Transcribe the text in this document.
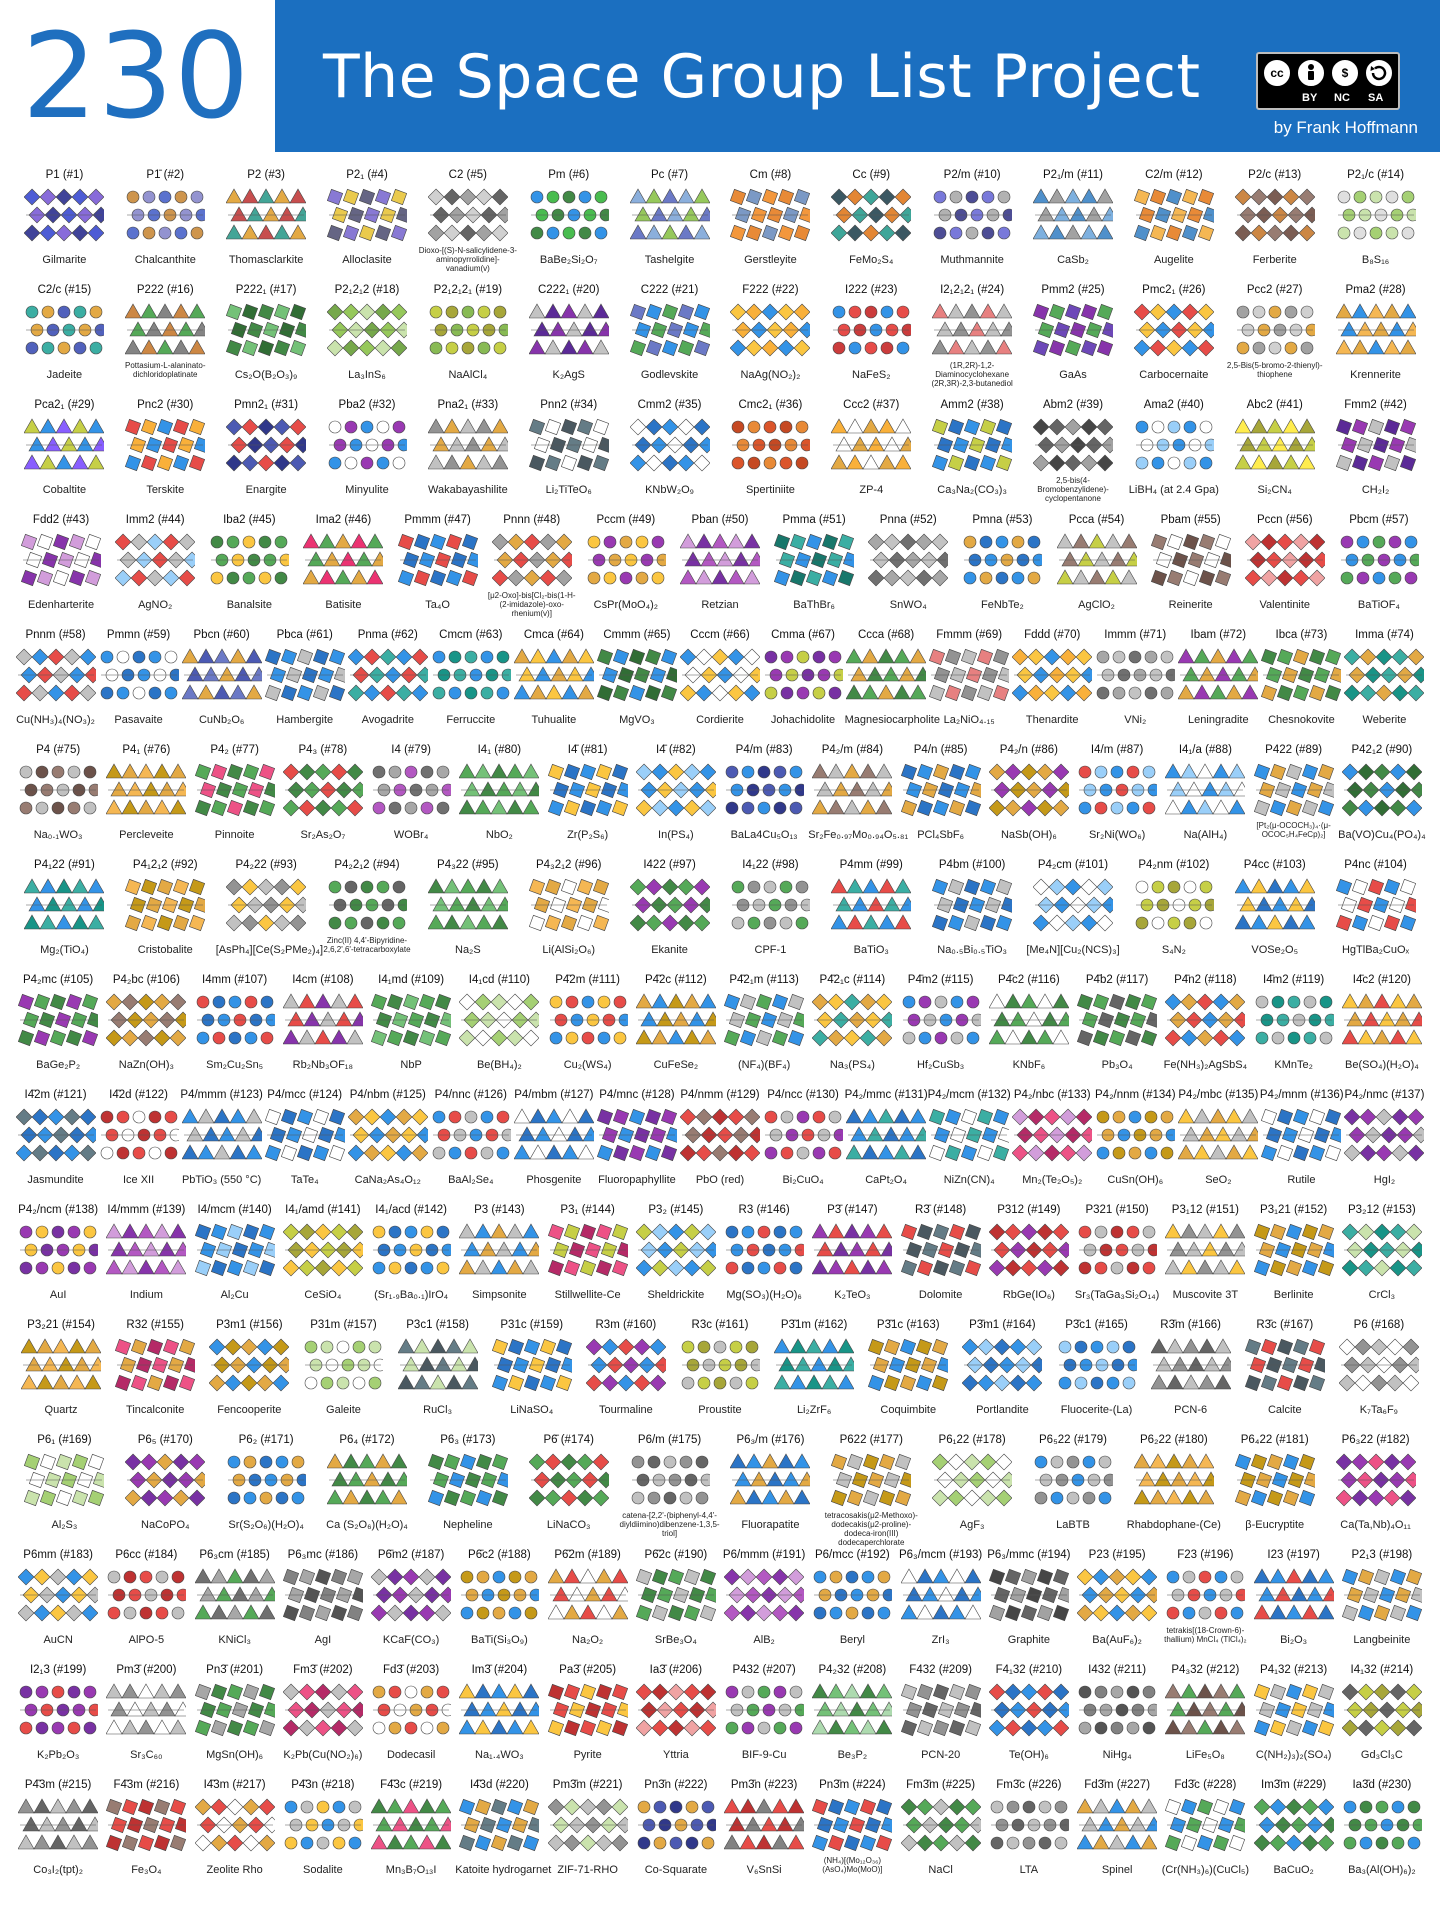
230 The Space Group List Project	cc	$
BY NC SA
by Frank Hoffmann
P1 (#1)
Gilmarite
P1̄ (#2)
Chalcanthite
P2 (#3)
Thomasclarkite
P2₁ (#4)
Alloclasite
C2 (#5)
Dioxo-[(S)-N-salicylidene-3-aminopyrrolidine]-vanadium(v)
Pm (#6)
BaBe₂Si₂O₇
Pc (#7)
Tashelgite
Cm (#8)
Gerstleyite
Cc (#9)
FeMo₂S₄
P2/m (#10)
Muthmannite
P2₁/m (#11)
CaSb₂
C2/m (#12)
Augelite
P2/c (#13)
Ferberite
P2₁/c (#14)
B₈S₁₆
C2/c (#15)
Jadeite
P222 (#16)
Pottasium-L-alaninato-dichloridoplatinate
P222₁ (#17)
Cs₂O(B₂O₃)₉
P2₁2₁2 (#18)
La₃InS₆
P2₁2₁2₁ (#19)
NaAlCl₄
C222₁ (#20)
K₂AgS
C222 (#21)
Godlevskite
F222 (#22)
NaAg(NO₂)₂
I222 (#23)
NaFeS₂
I2₁2₁2₁ (#24)
(1R,2R)-1,2-Diaminocyclohexane (2R,3R)-2,3-butanediol
Pmm2 (#25)
GaAs
Pmc2₁ (#26)
Carbocernaite
Pcc2 (#27)
2,5-Bis(5-bromo-2-thienyl)-thiophene
Pma2 (#28)
Krennerite
Pca2₁ (#29)
Cobaltite
Pnc2 (#30)
Terskite
Pmn2₁ (#31)
Enargite
Pba2 (#32)
Minyulite
Pna2₁ (#33)
Wakabayashilite
Pnn2 (#34)
Li₂TiTeO₆
Cmm2 (#35)
KNbW₂O₉
Cmc2₁ (#36)
Spertiniite
Ccc2 (#37)
ZP-4
Amm2 (#38)
Ca₃Na₂(CO₃)₃
Abm2 (#39)
2,5-bis(4-Bromobenzylidene)-cyclopentanone
Ama2 (#40)
LiBH₄ (at 2.4 Gpa)
Abc2 (#41)
Si₂CN₄
Fmm2 (#42)
CH₂I₂
Fdd2 (#43)
Edenharterite
Imm2 (#44)
AgNO₂
Iba2 (#45)
Banalsite
Ima2 (#46)
Batisite
Pmmm (#47)
Ta₄O
Pnnn (#48)
[μ2-Oxo]-bis[Cl₂-bis(1-H-(2-imidazole)-oxo-rhenium(v)]
Pccm (#49)
CsPr(MoO₄)₂
Pban (#50)
Retzian
Pmma (#51)
BaThBr₆
Pnna (#52)
SnWO₄
Pmna (#53)
FeNbTe₂
Pcca (#54)
AgClO₂
Pbam (#55)
Reinerite
Pccn (#56)
Valentinite
Pbcm (#57)
BaTiOF₄
Pnnm (#58)
Cu(NH₃)₄(NO₃)₂
Pmmn (#59)
Pasavaite
Pbcn (#60)
CuNb₂O₆
Pbca (#61)
Hambergite
Pnma (#62)
Avogadrite
Cmcm (#63)
Ferruccite
Cmca (#64)
Tuhualite
Cmmm (#65)
MgVO₃
Cccm (#66)
Cordierite
Cmma (#67)
Johachidolite
Ccca (#68)
Magnesiocarpholite
Fmmm (#69)
La₂NiO₄.₁₅
Fddd (#70)
Thenardite
Immm (#71)
VNi₂
Ibam (#72)
Leningradite
Ibca (#73)
Chesnokovite
Imma (#74)
Weberite
P4 (#75)
Na₀.₁WO₃
P4₁ (#76)
Percleveite
P4₂ (#77)
Pinnoite
P4₃ (#78)
Sr₂As₂O₇
I4 (#79)
WOBr₄
I4₁ (#80)
NbO₂
I4̄ (#81)
Zr(P₂S₆)
I4̄ (#82)
In(PS₄)
P4/m (#83)
BaLa4Cu₅O₁₃
P4₂/m (#84)
Sr₂Fe₀.₉₇Mo₀.₉₄O₅.₈₁
P4/n (#85)
PCl₄SbF₆
P4₂/n (#86)
NaSb(OH)₆
I4/m (#87)
Sr₂Ni(WO₆)
I4₁/a (#88)
Na(AlH₄)
P422 (#89)
[Pt₂(μ-OCOCH₃)₄·(μ-OCOC₅H₄FeCp)₂]
P42₁2 (#90)
Ba(VO)Cu₄(PO₄)₄
P4₁22 (#91)
Mg₂(TiO₄)
P4₁2₁2 (#92)
Cristobalite
P4₂22 (#93)
[AsPh₄][Ce(S₂PMe₂)₄]
P4₂2₁2 (#94)
Zinc(II) 4,4'-Bipyridine-2,6,2',6'-tetracarboxylate
P4₃22 (#95)
Na₂S
P4₃2₁2 (#96)
Li(AlSi₂O₆)
I422 (#97)
Ekanite
I4₁22 (#98)
CPF-1
P4mm (#99)
BaTiO₃
P4bm (#100)
Na₀.₅Bi₀.₅TiO₃
P4₂cm (#101)
[Me₄N][Cu₂(NCS)₃]
P4₂nm (#102)
S₄N₂
P4cc (#103)
VOSe₂O₅
P4nc (#104)
HgTlBa₂CuOₓ
P4₂mc (#105)
BaGe₂P₂
P4₂bc (#106)
NaZn(OH)₃
I4mm (#107)
Sm₂Cu₂Sn₅
I4cm (#108)
Rb₂Nb₃OF₁₈
I4₁md (#109)
NbP
I4₁cd (#110)
Be(BH₄)₂
P4̄2m (#111)
Cu₂(WS₄)
P4̄2c (#112)
CuFeSe₂
P4̄2₁m (#113)
(NF₄)(BF₄)
P4̄2₁c (#114)
Na₃(PS₄)
P4̄m2 (#115)
Hf₂CuSb₃
P4̄c2 (#116)
KNbF₆
P4̄b2 (#117)
Pb₃O₄
P4̄n2 (#118)
Fe(NH₃)₂AgSbS₄
I4̄m2 (#119)
KMnTe₂
I4̄c2 (#120)
Be(SO₄)(H₂O)₄
I4̄2m (#121)
Jasmundite
I4̄2d (#122)
Ice XII
P4/mmm (#123)
PbTiO₃ (550 °C)
P4/mcc (#124)
TaTe₄
P4/nbm (#125)
CaNa₂As₄O₁₂
P4/nnc (#126)
BaAl₂Se₄
P4/mbm (#127)
Phosgenite
P4/mnc (#128)
Fluoropaphyllite
P4/nmm (#129)
PbO (red)
P4/ncc (#130)
Bi₂CuO₄
P4₂/mmc (#131)
CaPt₂O₄
P4₂/mcm (#132)
NiZn(CN)₄
P4₂/nbc (#133)
Mn₂(Te₂O₅)₂
P4₂/nnm (#134)
CuSn(OH)₆
P4₂/mbc (#135)
SeO₂
P4₂/mnm (#136)
Rutile
P4₂/nmc (#137)
HgI₂
P4₂/ncm (#138)
AuI
I4/mmm (#139)
Indium
I4/mcm (#140)
Al₂Cu
I4₁/amd (#141)
CeSiO₄
I4₁/acd (#142)
(Sr₁.₉Ba₀.₁)IrO₄
P3 (#143)
Simpsonite
P3₁ (#144)
Stillwellite-Ce
P3₂ (#145)
Sheldrickite
R3 (#146)
Mg(SO₃)(H₂O)₆
P3̄ (#147)
K₂TeO₃
R3̄ (#148)
Dolomite
P312 (#149)
RbGe(IO₆)
P321 (#150)
Sr₃(TaGa₃Si₂O₁₄)
P3₁12 (#151)
Muscovite 3T
P3₁21 (#152)
Berlinite
P3₂12 (#153)
CrCl₃
P3₂21 (#154)
Quartz
R32 (#155)
Tincalconite
P3m1 (#156)
Fencooperite
P31m (#157)
Galeite
P3c1 (#158)
RuCl₃
P31c (#159)
LiNaSO₄
R3m (#160)
Tourmaline
R3c (#161)
Proustite
P3̄1m (#162)
Li₂ZrF₆
P3̄1c (#163)
Coquimbite
P3̄m1 (#164)
Portlandite
P3̄c1 (#165)
Fluocerite-(La)
R3̄m (#166)
PCN-6
R3̄c (#167)
Calcite
P6 (#168)
K₇Ta₆F₉
P6₁ (#169)
Al₂S₃
P6₅ (#170)
NaCoPO₄
P6₂ (#171)
Sr(S₂O₆)(H₂O)₄
P6₄ (#172)
Ca (S₂O₆)(H₂O)₄
P6₃ (#173)
Nepheline
P6̄ (#174)
LiNaCO₃
P6/m (#175)
catena-[2,2'-(biphenyl-4,4'-diyldiimino)dibenzene-1,3,5-triol]
P6₃/m (#176)
Fluorapatite
P622 (#177)
tetracosakis(μ2-Methoxo)-dodecakis(μ2-proline)-dodeca-iron(III) dodecaperchlorate
P6₁22 (#178)
AgF₃
P6₅22 (#179)
LaBTB
P6₂22 (#180)
Rhabdophane-(Ce)
P6₄22 (#181)
β-Eucryptite
P6₃22 (#182)
Ca(Ta,Nb)₄O₁₁
P6mm (#183)
AuCN
P6cc (#184)
AlPO-5
P6₃cm (#185)
KNiCl₃
P6₃mc (#186)
AgI
P6̄m2 (#187)
KCaF(CO₃)
P6̄c2 (#188)
BaTi(Si₃O₉)
P6̄2m (#189)
Na₂O₂
P6̄2c (#190)
SrBe₃O₄
P6/mmm (#191)
AlB₂
P6/mcc (#192)
Beryl
P6₃/mcm (#193)
ZrI₃
P6₃/mmc (#194)
Graphite
P23 (#195)
Ba(AuF₆)₂
F23 (#196)
tetrakis[(18-Crown-6)-thallium) MnCl₄ (TlCl₄)₂
I23 (#197)
Bi₂O₃
P2₁3 (#198)
Langbeinite
I2₁3 (#199)
K₂Pb₂O₃
Pm3̄ (#200)
Sr₃C₆₀
Pn3̄ (#201)
MgSn(OH)₆
Fm3̄ (#202)
K₂Pb(Cu(NO₂)₆)
Fd3̄ (#203)
Dodecasil
Im3̄ (#204)
Na₁.₄WO₃
Pa3̄ (#205)
Pyrite
Ia3̄ (#206)
Yttria
P432 (#207)
BIF-9-Cu
P4₂32 (#208)
Be₃P₂
F432 (#209)
PCN-20
F4₁32 (#210)
Te(OH)₆
I432 (#211)
NiHg₄
P4₃32 (#212)
LiFe₅O₈
P4₁32 (#213)
C(NH₂)₃)₂(SO₄)
I4₁32 (#214)
Gd₃Cl₃C
P4̄3m (#215)
Co₃I₂(tpt)₂
F4̄3m (#216)
Fe₃O₄
I4̄3m (#217)
Zeolite Rho
P4̄3n (#218)
Sodalite
F4̄3c (#219)
Mn₃B₇O₁₃I
I4̄3d (#220)
Katoite hydrogarnet
Pm3̄m (#221)
ZIF-71-RHO
Pn3̄n (#222)
Co-Squarate
Pm3̄n (#223)
V₆SnSi
Pn3̄m (#224)
(NH₄)[(Mo₁₂O₃₆)(AsO₄)Mo(MoO)]
Fm3̄m (#225)
NaCl
Fm3̄c (#226)
LTA
Fd3̄m (#227)
Spinel
Fd3̄c (#228)
(Cr(NH₃)₆)(CuCl₅)
Im3̄m (#229)
BaCuO₂
Ia3̄d (#230)
Ba₃(Al(OH)₆)₂
